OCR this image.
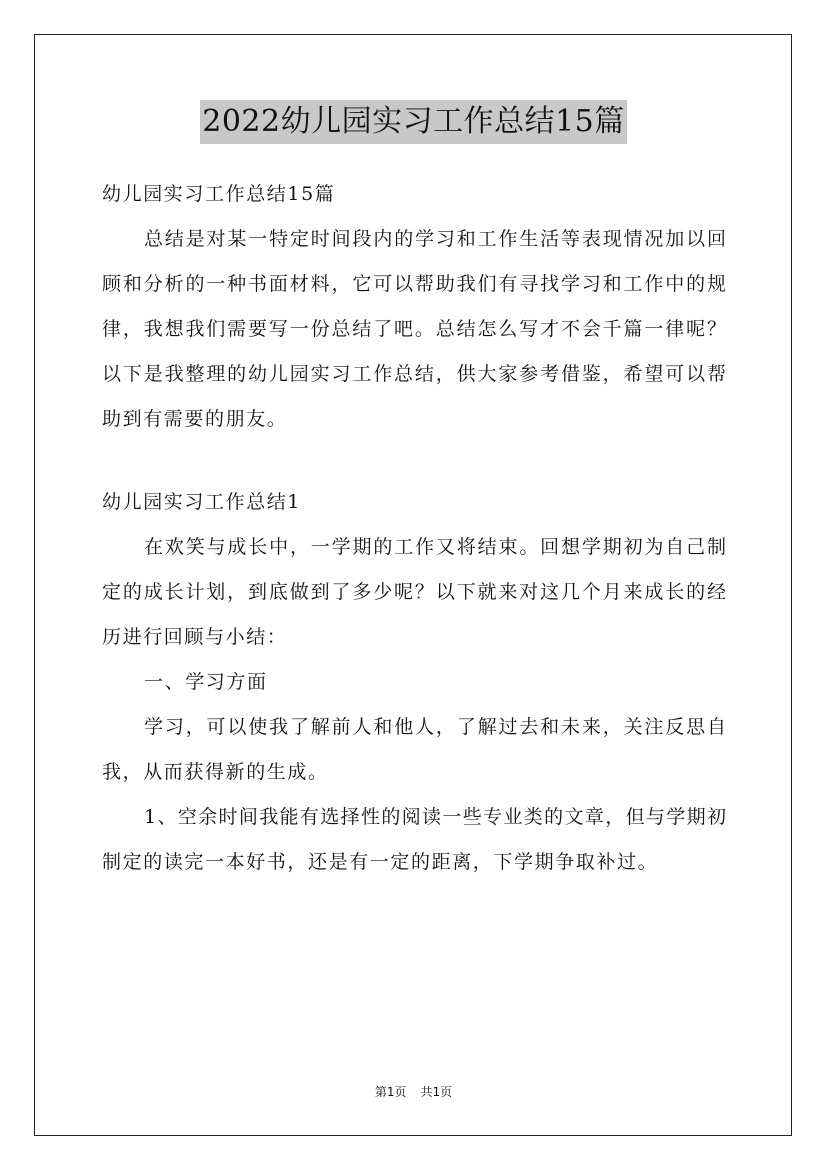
2022幼儿园实习工作总结15篇
幼儿园实习工作总结15篇
总结是对某一特定时间段内的学习和工作生活等表现情况加以回
顾和分析的一种书面材料，它可以帮助我们有寻找学习和工作中的规
律，我想我们需要写一份总结了吧。总结怎么写才不会千篇一律呢？
以下是我整理的幼儿园实习工作总结，供大家参考借鉴，希望可以帮
助到有需要的朋友。
幼儿园实习工作总结1
在欢笑与成长中，一学期的工作又将结束。回想学期初为自己制
定的成长计划，到底做到了多少呢？以下就来对这几个月来成长的经
历进行回顾与小结：
一、学习方面
学习，可以使我了解前人和他人，了解过去和未来，关注反思自
我，从而获得新的生成。
1、空余时间我能有选择性的阅读一些专业类的文章，但与学期初
制定的读完一本好书，还是有一定的距离，下学期争取补过。
第1页 共1页
